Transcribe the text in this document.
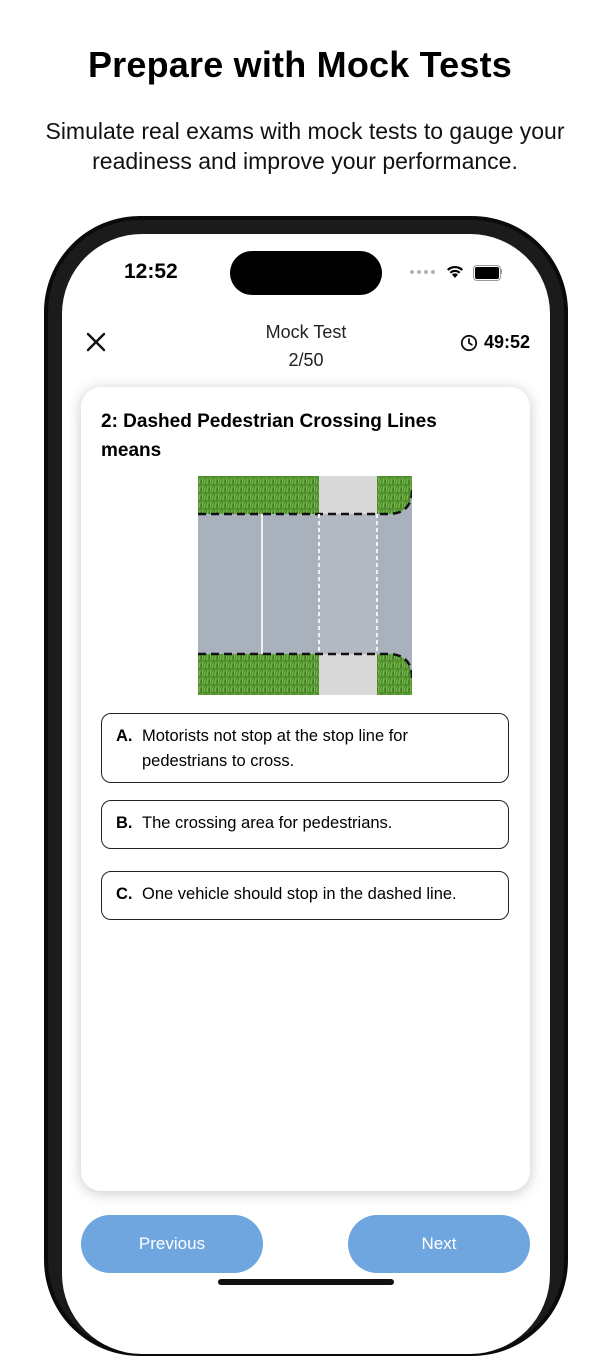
Prepare with Mock Tests
Simulate real exams with mock tests to gauge your readiness and improve your performance.
12:52
Mock Test
2/50
49:52
2: Dashed Pedestrian Crossing Lines means
A. Motorists not stop at the stop line for pedestrians to cross.
B. The crossing area for pedestrians.
C. One vehicle should stop in the dashed line.
Previous	Next
